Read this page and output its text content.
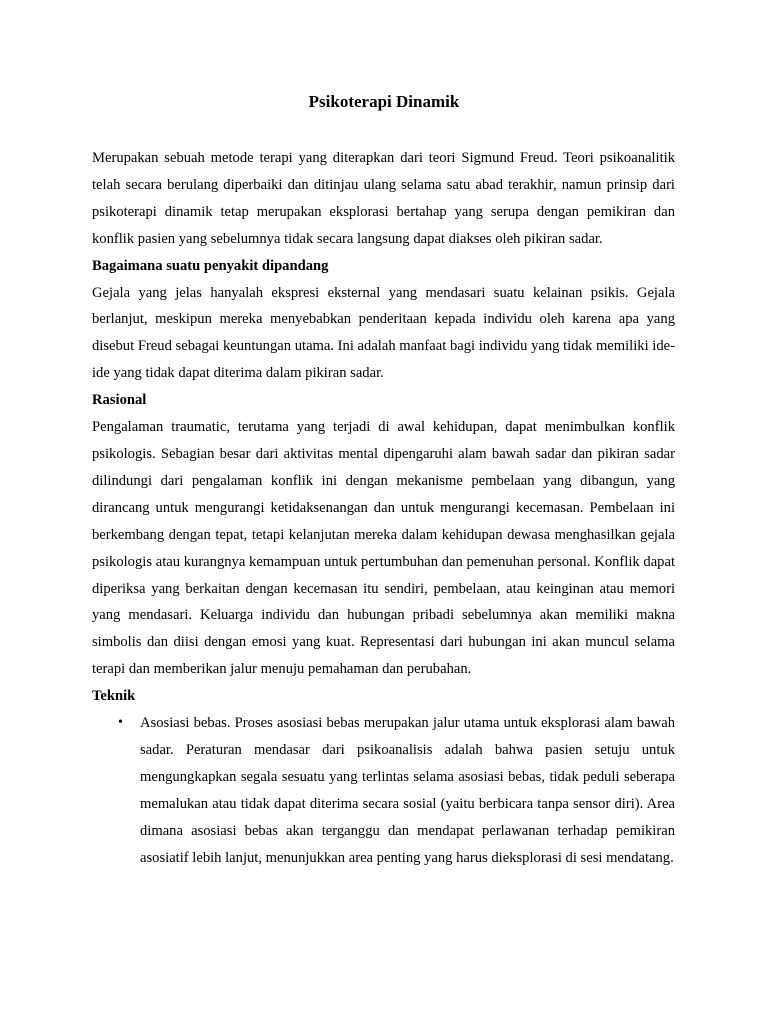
Psikoterapi Dinamik

Merupakan sebuah metode terapi yang diterapkan dari teori Sigmund Freud. Teori psikoanalitik telah secara berulang diperbaiki dan ditinjau ulang selama satu abad terakhir, namun prinsip dari psikoterapi dinamik tetap merupakan eksplorasi bertahap yang serupa dengan pemikiran dan konflik pasien yang sebelumnya tidak secara langsung dapat diakses oleh pikiran sadar.

Bagaimana suatu penyakit dipandang

Gejala yang jelas hanyalah ekspresi eksternal yang mendasari suatu kelainan psikis. Gejala berlanjut, meskipun mereka menyebabkan penderitaan kepada individu oleh karena apa yang disebut Freud sebagai keuntungan utama. Ini adalah manfaat bagi individu yang tidak memiliki ide-ide yang tidak dapat diterima dalam pikiran sadar.

Rasional

Pengalaman traumatic, terutama yang terjadi di awal kehidupan, dapat menimbulkan konflik psikologis. Sebagian besar dari aktivitas mental dipengaruhi alam bawah sadar dan pikiran sadar dilindungi dari pengalaman konflik ini dengan mekanisme pembelaan yang dibangun, yang dirancang untuk mengurangi ketidaksenangan dan untuk mengurangi kecemasan. Pembelaan ini berkembang dengan tepat, tetapi kelanjutan mereka dalam kehidupan dewasa menghasilkan gejala psikologis atau kurangnya kemampuan untuk pertumbuhan dan pemenuhan personal. Konflik dapat diperiksa yang berkaitan dengan kecemasan itu sendiri, pembelaan, atau keinginan atau memori yang mendasari. Keluarga individu dan hubungan pribadi sebelumnya akan memiliki makna simbolis dan diisi dengan emosi yang kuat. Representasi dari hubungan ini akan muncul selama terapi dan memberikan jalur menuju pemahaman dan perubahan.

Teknik
• Asosiasi bebas. Proses asosiasi bebas merupakan jalur utama untuk eksplorasi alam bawah sadar. Peraturan mendasar dari psikoanalisis adalah bahwa pasien setuju untuk mengungkapkan segala sesuatu yang terlintas selama asosiasi bebas, tidak peduli seberapa memalukan atau tidak dapat diterima secara sosial (yaitu berbicara tanpa sensor diri). Area dimana asosiasi bebas akan terganggu dan mendapat perlawanan terhadap pemikiran asosiatif lebih lanjut, menunjukkan area penting yang harus dieksplorasi di sesi mendatang.
